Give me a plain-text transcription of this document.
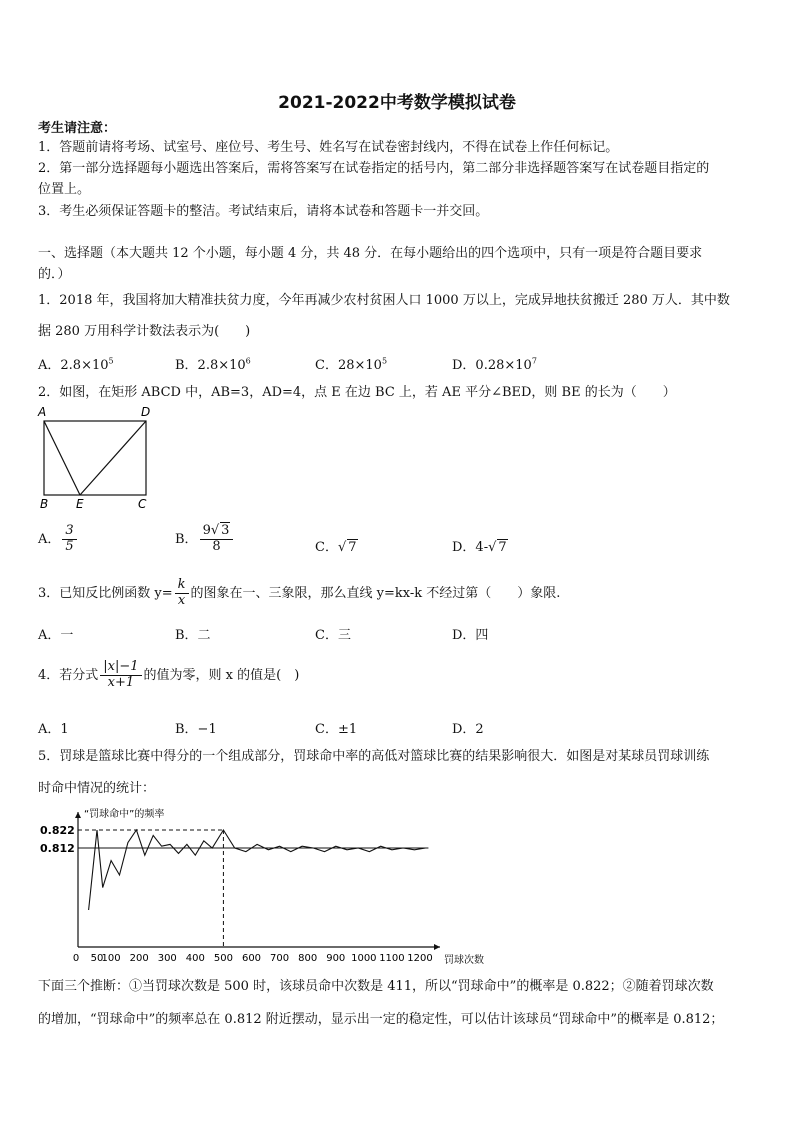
2021-2022中考数学模拟试卷
考生请注意：
1．答题前请将考场、试室号、座位号、考生号、姓名写在试卷密封线内，不得在试卷上作任何标记。
2．第一部分选择题每小题选出答案后，需将答案写在试卷指定的括号内，第二部分非选择题答案写在试卷题目指定的
位置上。
3．考生必须保证答题卡的整洁。考试结束后，请将本试卷和答题卡一并交回。
一、选择题（本大题共 12 个小题，每小题 4 分，共 48 分．在每小题给出的四个选项中，只有一项是符合题目要求
的．）
1．2018 年，我国将加大精准扶贫力度，今年再减少农村贫困人口 1000 万以上，完成异地扶贫搬迁 280 万人．其中数
据 280 万用科学计数法表示为(　　)
A．$2.8\times 10^5$	B．$2.8\times 10^6$	C．$28\times 10^5$	D．$0.28\times 10^7$
2．如图，在矩形 ABCD 中，AB=3，AD=4，点 E 在边 BC 上，若 AE 平分∠BED，则 BE 的长为（　　）
A	D
B E	C
A． $\frac{3}{5}$	B． $\frac{9√ 3}{8}$	C．√ 7	D．4-√ 7
3．已知反比例函数 $y= \frac{k}{x}$ 的图象在一、三象限，那么直线 y=kx-k 不经过第（　　）象限.
A．一	B．二	C．三	D．四
4．若分式 $\frac{|x|-1}{x+1}$ 的值为零，则 x 的值是(　)
A．1	B．−1	C．±1	D．2
5．罚球是篮球比赛中得分的一个组成部分，罚球命中率的高低对篮球比赛的结果影响很大．如图是对某球员罚球训练
时命中情况的统计：
“罚球命中”的频率
罚球次数
0 50
100 200 300 400 500 600 700 800 900 1000 1100 1200
0.822
0.812
下面三个推断：①当罚球次数是 500 时，该球员命中次数是 411，所以“罚球命中”的概率是 0.822；②随着罚球次数
的增加，“罚球命中”的频率总在 0.812 附近摆动，显示出一定的稳定性，可以估计该球员“罚球命中”的概率是 0.812；
